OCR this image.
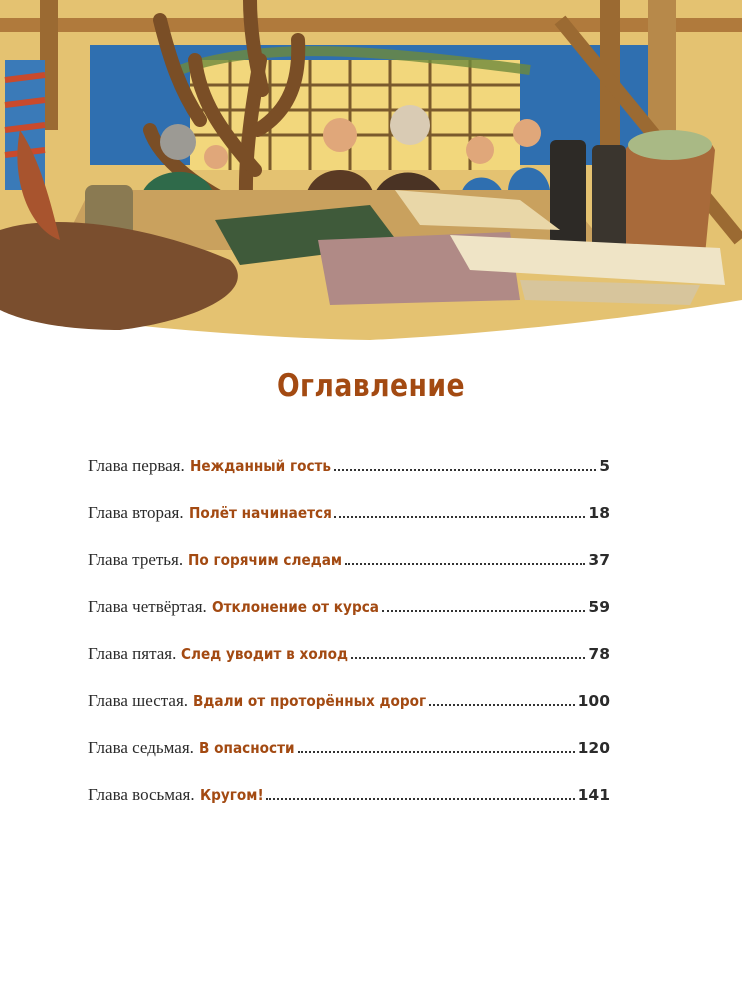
Оглавление
Глава первая. Нежданный гость	5
Глава вторая. Полёт начинается	18
Глава третья. По горячим следам	37
Глава четвёртая. Отклонение от курса	59
Глава пятая. След уводит в холод	78
Глава шестая. Вдали от проторённых дорог	100
Глава седьмая. В опасности	120
Глава восьмая. Кругом!	141
